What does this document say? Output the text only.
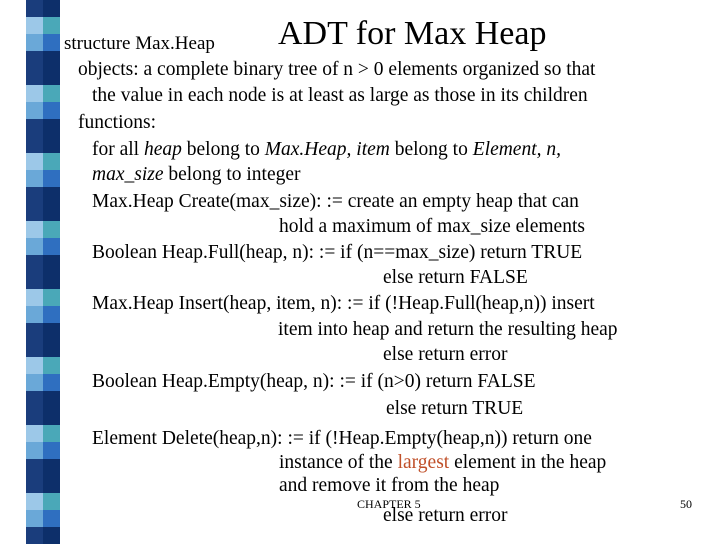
structure Max.Heap ADT for Max Heap
objects: a complete binary tree of n > 0 elements organized so that
the value in each node is at least as large as those in its children
functions:
for all heap belong to Max.Heap, item belong to Element, n,
max_size belong to integer
Max.Heap Create(max_size): := create an empty heap that can
hold a maximum of max_size elements
Boolean Heap.Full(heap, n): := if (n==max_size) return TRUE
else return FALSE
Max.Heap Insert(heap, item, n): := if (!Heap.Full(heap,n)) insert
item into heap and return the resulting heap
else return error
Boolean Heap.Empty(heap, n): := if (n>0) return FALSE
else return TRUE
Element Delete(heap,n): := if (!Heap.Empty(heap,n)) return one
instance of the largest element in the heap
and remove it from the heap
else return error
CHAPTER 5	50
